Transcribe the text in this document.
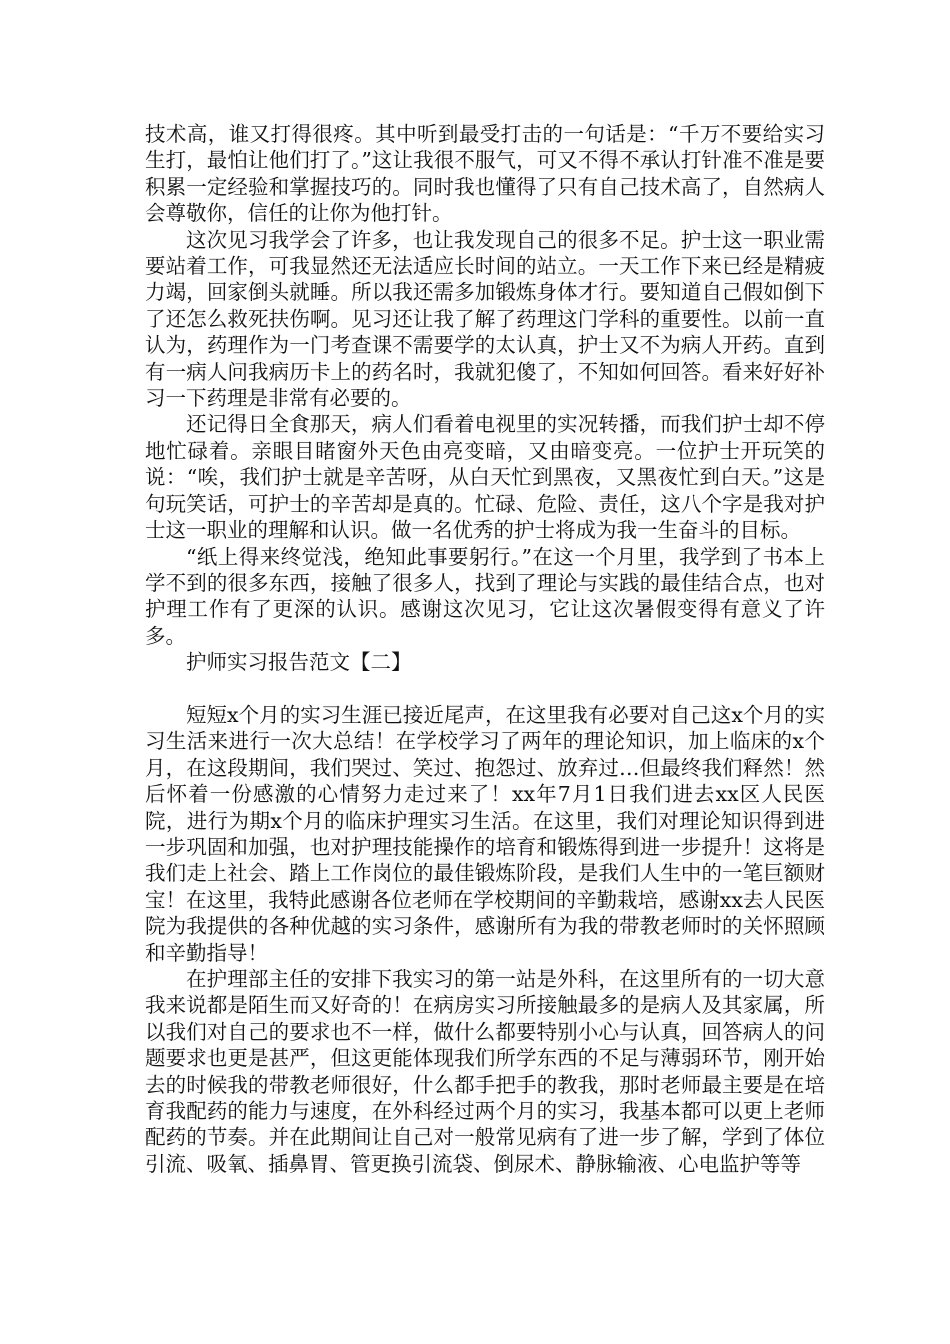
技术高，谁又打得很疼。其中听到最受打击的一句话是：“千万不要给实习生打，最怕让他们打了。”这让我很不服气，可又不得不承认打针准不准是要积累一定经验和掌握技巧的。同时我也懂得了只有自己技术高了，自然病人会尊敬你，信任的让你为他打针。

这次见习我学会了许多，也让我发现自己的很多不足。护士这一职业需要站着工作，可我显然还无法适应长时间的站立。一天工作下来已经是精疲力竭，回家倒头就睡。所以我还需多加锻炼身体才行。要知道自己假如倒下了还怎么救死扶伤啊。见习还让我了解了药理这门学科的重要性。以前一直认为，药理作为一门考查课不需要学的太认真，护士又不为病人开药。直到有一病人问我病历卡上的药名时，我就犯傻了，不知如何回答。看来好好补习一下药理是非常有必要的。

还记得日全食那天，病人们看着电视里的实况转播，而我们护士却不停地忙碌着。亲眼目睹窗外天色由亮变暗，又由暗变亮。一位护士开玩笑的说：“唉，我们护士就是辛苦呀，从白天忙到黑夜，又黑夜忙到白天。”这是句玩笑话，可护士的辛苦却是真的。忙碌、危险、责任，这八个字是我对护士这一职业的理解和认识。做一名优秀的护士将成为我一生奋斗的目标。

“纸上得来终觉浅，绝知此事要躬行。”在这一个月里，我学到了书本上学不到的很多东西，接触了很多人，找到了理论与实践的最佳结合点，也对护理工作有了更深的认识。感谢这次见习，它让这次暑假变得有意义了许多。

护师实习报告范文【二】

短短x个月的实习生涯已接近尾声，在这里我有必要对自己这x个月的实习生活来进行一次大总结！在学校学习了两年的理论知识，加上临床的x个月，在这段期间，我们哭过、笑过、抱怨过、放弃过…但最终我们释然！然后怀着一份感激的心情努力走过来了！xx年7月1日我们进去xx区人民医院，进行为期x个月的临床护理实习生活。在这里，我们对理论知识得到进一步巩固和加强，也对护理技能操作的培育和锻炼得到进一步提升！这将是我们走上社会、踏上工作岗位的最佳锻炼阶段，是我们人生中的一笔巨额财宝！在这里，我特此感谢各位老师在学校期间的辛勤栽培，感谢xx去人民医院为我提供的各种优越的实习条件，感谢所有为我的带教老师时的关怀照顾和辛勤指导！

在护理部主任的安排下我实习的第一站是外科，在这里所有的一切大意我来说都是陌生而又好奇的！在病房实习所接触最多的是病人及其家属，所以我们对自己的要求也不一样，做什么都要特别小心与认真，回答病人的问题要求也更是甚严，但这更能体现我们所学东西的不足与薄弱环节，刚开始去的时候我的带教老师很好，什么都手把手的教我，那时老师最主要是在培育我配药的能力与速度，在外科经过两个月的实习，我基本都可以更上老师配药的节奏。并在此期间让自己对一般常见病有了进一步了解，学到了体位引流、吸氧、插鼻胃、管更换引流袋、倒尿术、静脉输液、心电监护等等
